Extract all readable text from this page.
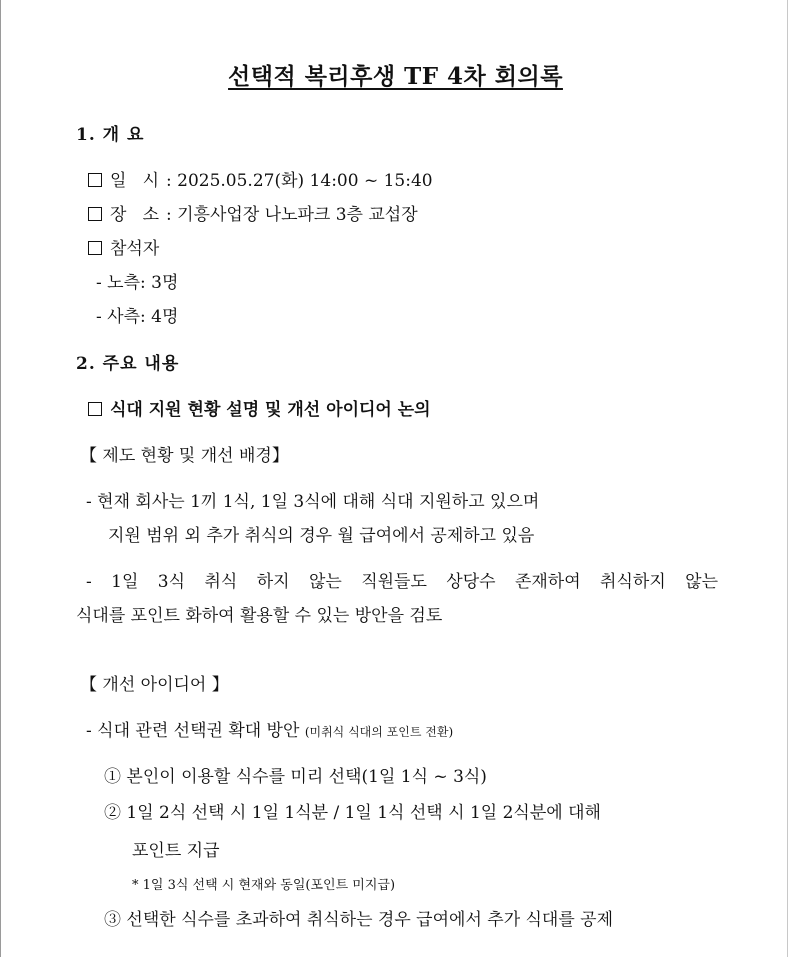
선택적 복리후생 TF 4차 회의록
1. 개 요
일   시 : 2025.05.27(화) 14:00 ~ 15:40
장   소 : 기흥사업장 나노파크 3층 교섭장
참석자
- 노측: 3명
- 사측: 4명
2. 주요 내용
식대 지원 현황 설명 및 개선 아이디어 논의
【 제도 현황 및 개선 배경】
- 현재 회사는 1끼 1식, 1일 3식에 대해 식대 지원하고 있으며
지원 범위 외 추가 취식의 경우 월 급여에서 공제하고 있음
- 1일 3식 취식 하지 않는 직원들도 상당수 존재하여 취식하지 않는
식대를 포인트 화하여 활용할 수 있는 방안을 검토
【 개선 아이디어 】
- 식대 관련 선택권 확대 방안 (미취식 식대의 포인트 전환)
① 본인이 이용할 식수를 미리 선택(1일 1식 ~ 3식)
② 1일 2식 선택 시 1일 1식분 / 1일 1식 선택 시 1일 2식분에 대해
포인트 지급
* 1일 3식 선택 시 현재와 동일(포인트 미지급)
③ 선택한 식수를 초과하여 취식하는 경우 급여에서 추가 식대를 공제
